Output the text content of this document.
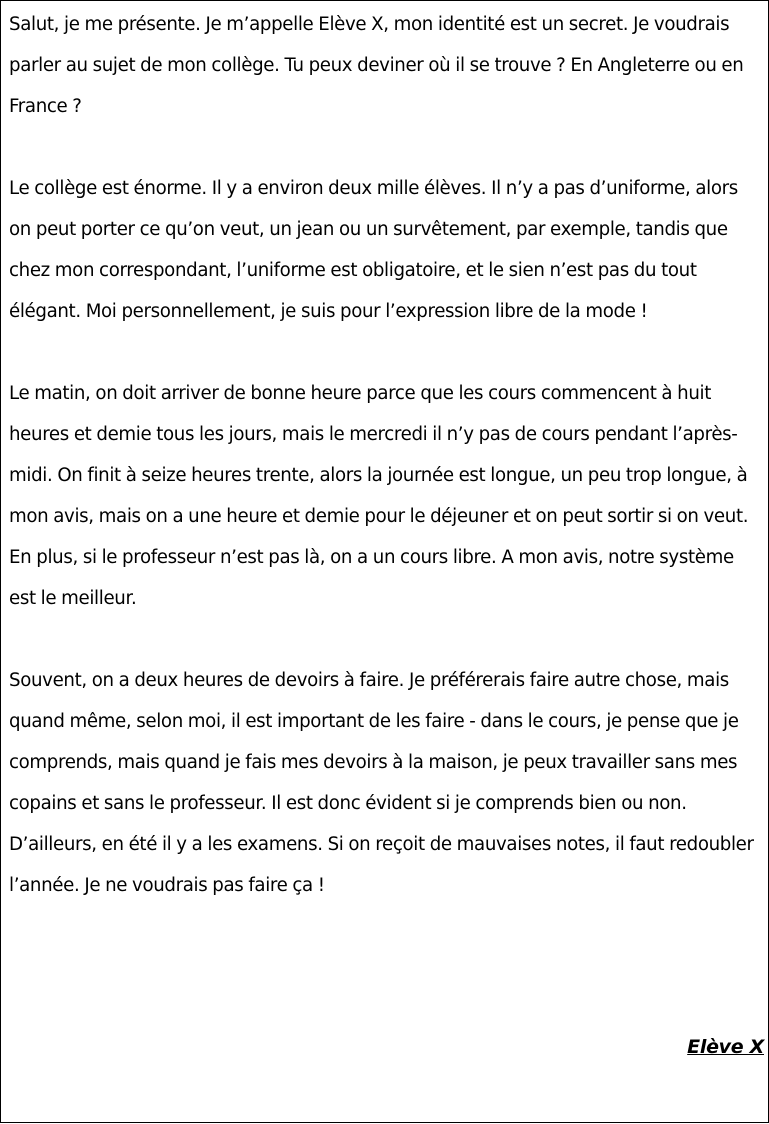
Salut, je me présente. Je m’appelle Elève X, mon identité est un secret. Je voudrais parler au sujet de mon collège. Tu peux deviner où il se trouve ? En Angleterre ou en France ?

Le collège est énorme. Il y a environ deux mille élèves. Il n’y a pas d’uniforme, alors on peut porter ce qu’on veut, un jean ou un survêtement, par exemple, tandis que chez mon correspondant, l’uniforme est obligatoire, et le sien n’est pas du tout élégant. Moi personnellement, je suis pour l’expression libre de la mode !

Le matin, on doit arriver de bonne heure parce que les cours commencent à huit heures et demie tous les jours, mais le mercredi il n’y pas de cours pendant l’après-midi. On finit à seize heures trente, alors la journée est longue, un peu trop longue, à mon avis, mais on a une heure et demie pour le déjeuner et on peut sortir si on veut. En plus, si le professeur n’est pas là, on a un cours libre. A mon avis, notre système est le meilleur.

Souvent, on a deux heures de devoirs à faire. Je préférerais faire autre chose, mais quand même, selon moi, il est important de les faire - dans le cours, je pense que je comprends, mais quand je fais mes devoirs à la maison, je peux travailler sans mes copains et sans le professeur. Il est donc évident si je comprends bien ou non. D’ailleurs, en été il y a les examens. Si on reçoit de mauvaises notes, il faut redoubler l’année. Je ne voudrais pas faire ça !

Elève X
